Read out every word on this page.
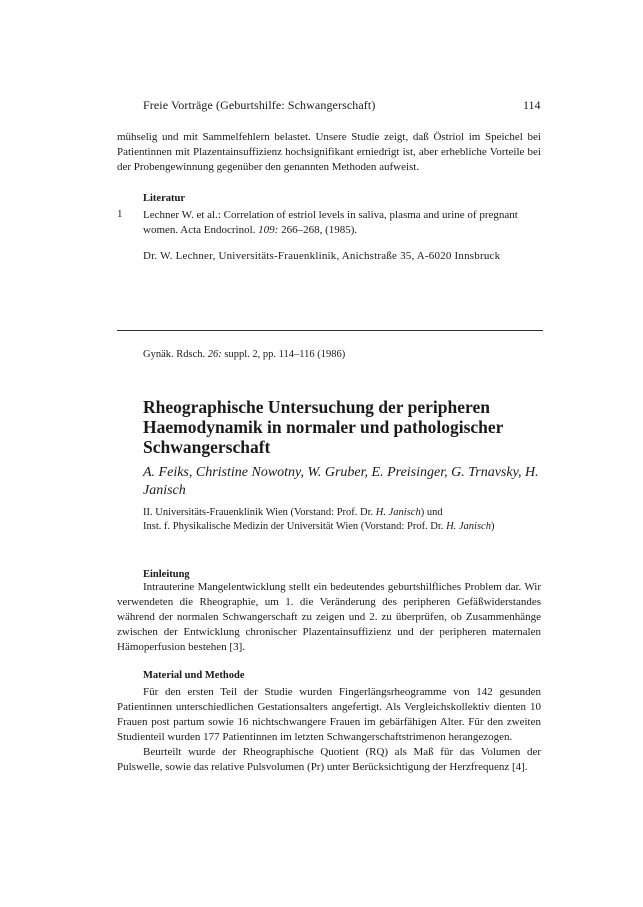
Freie Vorträge (Geburtshilfe: Schwangerschaft)	114

mühselig und mit Sammelfehlern belastet. Unsere Studie zeigt, daß Östriol im Speichel bei Patientinnen mit Plazentainsuffizienz hochsignifikant erniedrigt ist, aber erhebliche Vorteile bei der Probengewinnung gegenüber den genannten Methoden aufweist.

Literatur
1 Lechner W. et al.: Correlation of estriol levels in saliva, plasma and urine of pregnant women. Acta Endocrinol. 109: 266–268, (1985).
Dr. W. Lechner, Universitäts-Frauenklinik, Anichstraße 35, A-6020 Innsbruck
Gynäk. Rdsch. 26: suppl. 2, pp. 114–116 (1986)
Rheographische Untersuchung der peripheren Haemodynamik in normaler und pathologischer Schwangerschaft
A. Feiks, Christine Nowotny, W. Gruber, E. Preisinger, G. Trnavsky, H. Janisch
II. Universitäts-Frauenklinik Wien (Vorstand: Prof. Dr. H. Janisch) und
Inst. f. Physikalische Medizin der Universität Wien (Vorstand: Prof. Dr. H. Janisch)
Einleitung

Intrauterine Mangelentwicklung stellt ein bedeutendes geburtshilfliches Problem dar. Wir verwendeten die Rheographie, um 1. die Veränderung des peripheren Gefäßwiderstandes während der normalen Schwangerschaft zu zeigen und 2. zu überprüfen, ob Zusammenhänge zwischen der Entwicklung chronischer Plazentainsuffizienz und der peripheren maternalen Hämoperfusion bestehen [3].

Material und Methode

Für den ersten Teil der Studie wurden Fingerlängsrheogramme von 142 gesunden Patientinnen unterschiedlichen Gestationsalters angefertigt. Als Vergleichskollektiv dienten 10 Frauen post partum sowie 16 nichtschwangere Frauen im gebärfähigen Alter. Für den zweiten Studienteil wurden 177 Patientinnen im letzten Schwangerschaftstrimenon herangezogen.

Beurteilt wurde der Rheographische Quotient (RQ) als Maß für das Volumen der Pulswelle, sowie das relative Pulsvolumen (Pr) unter Berücksichtigung der Herzfrequenz [4].
